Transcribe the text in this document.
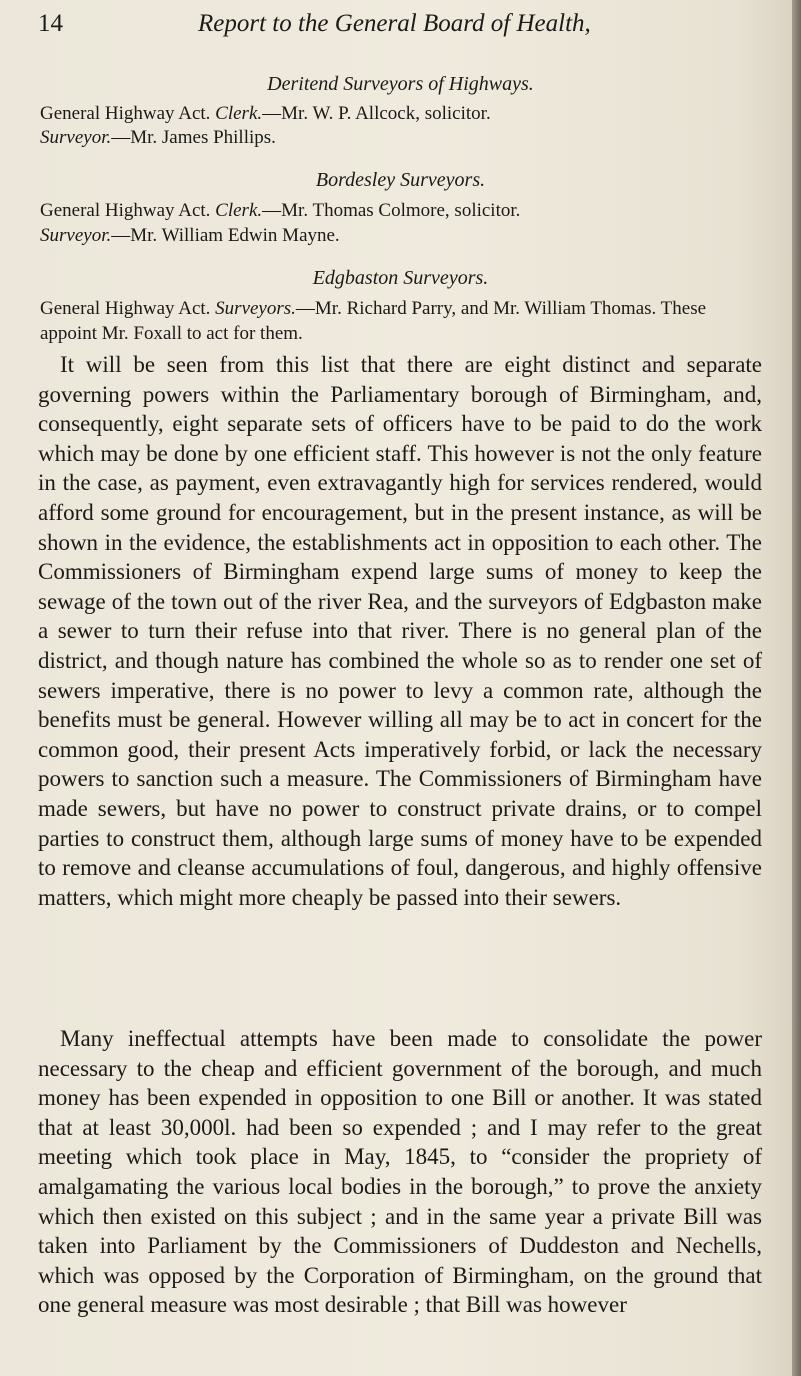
14	Report to the General Board of Health,
Deritend Surveyors of Highways.

General Highway Act. Clerk.—Mr. W. P. Allcock, solicitor.

Surveyor.—Mr. James Phillips.

Bordesley Surveyors.

General Highway Act. Clerk.—Mr. Thomas Colmore, solicitor.

Surveyor.—Mr. William Edwin Mayne.

Edgbaston Surveyors.

General Highway Act. Surveyors.—Mr. Richard Parry, and Mr. William Thomas. These appoint Mr. Foxall to act for them.

It will be seen from this list that there are eight distinct and separate governing powers within the Parliamentary borough of Birmingham, and, consequently, eight separate sets of officers have to be paid to do the work which may be done by one efficient staff. This however is not the only feature in the case, as payment, even extravagantly high for services rendered, would afford some ground for encouragement, but in the present instance, as will be shown in the evidence, the establishments act in opposition to each other. The Commissioners of Birmingham expend large sums of money to keep the sewage of the town out of the river Rea, and the surveyors of Edgbaston make a sewer to turn their refuse into that river. There is no general plan of the district, and though nature has combined the whole so as to render one set of sewers imperative, there is no power to levy a common rate, although the benefits must be general. However willing all may be to act in concert for the common good, their present Acts imperatively forbid, or lack the necessary powers to sanction such a measure. The Commissioners of Birmingham have made sewers, but have no power to construct private drains, or to compel parties to construct them, although large sums of money have to be expended to remove and cleanse accumulations of foul, dangerous, and highly offensive matters, which might more cheaply be passed into their sewers.

Many ineffectual attempts have been made to consolidate the power necessary to the cheap and efficient government of the borough, and much money has been expended in opposition to one Bill or another. It was stated that at least 30,000l. had been so expended ; and I may refer to the great meeting which took place in May, 1845, to “consider the propriety of amalgamating the various local bodies in the borough,” to prove the anxiety which then existed on this subject ; and in the same year a private Bill was taken into Parliament by the Commissioners of Duddeston and Nechells, which was opposed by the Corporation of Birmingham, on the ground that one general measure was most desirable ; that Bill was however
